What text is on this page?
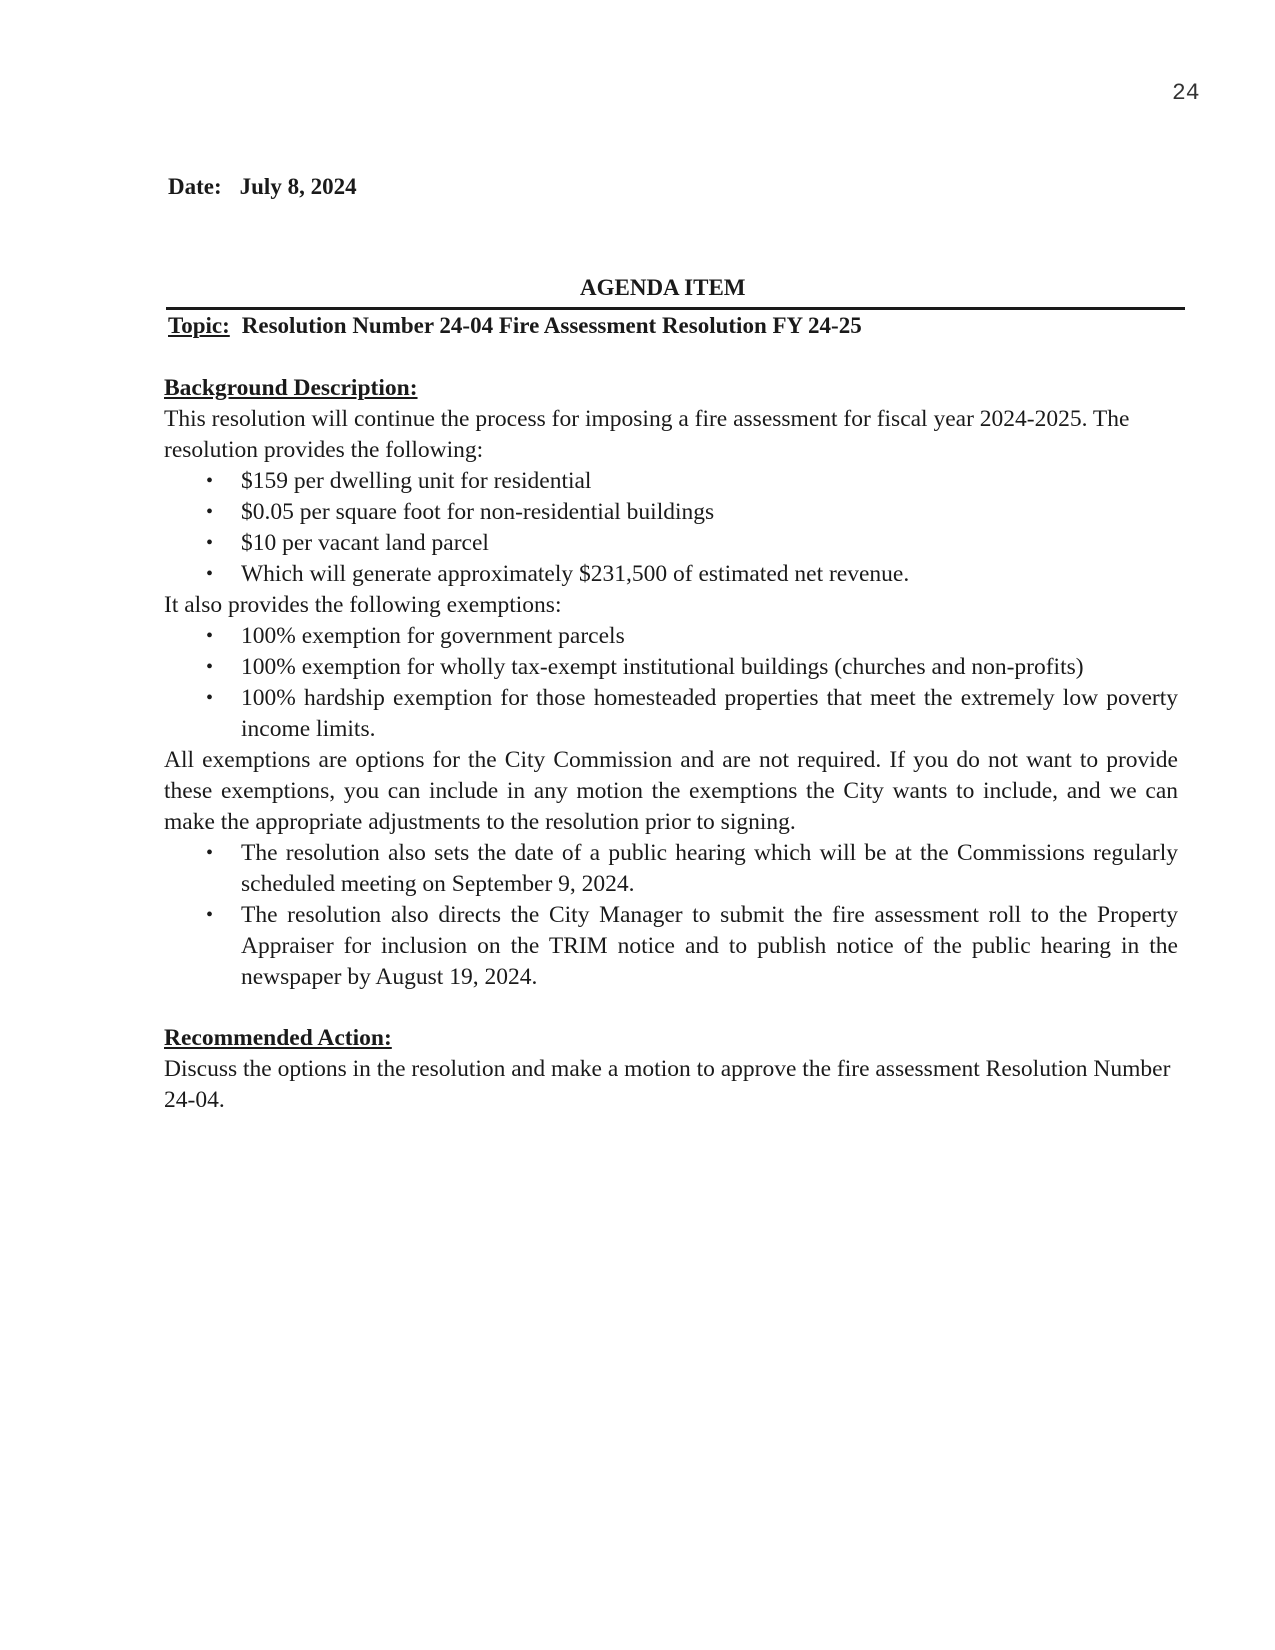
24
Date: July 8, 2024
AGENDA ITEM
Topic: Resolution Number 24-04 Fire Assessment Resolution FY 24-25
Background Description:

This resolution will continue the process for imposing a fire assessment for fiscal year 2024-2025. The resolution provides the following:

• $159 per dwelling unit for residential
• $0.05 per square foot for non-residential buildings
• $10 per vacant land parcel
• Which will generate approximately $231,500 of estimated net revenue.

It also provides the following exemptions:

• 100% exemption for government parcels
• 100% exemption for wholly tax-exempt institutional buildings (churches and non-profits)
• 100% hardship exemption for those homesteaded properties that meet the extremely low poverty income limits.

All exemptions are options for the City Commission and are not required. If you do not want to provide these exemptions, you can include in any motion the exemptions the City wants to include, and we can make the appropriate adjustments to the resolution prior to signing.

• The resolution also sets the date of a public hearing which will be at the Commissions regularly scheduled meeting on September 9, 2024.
• The resolution also directs the City Manager to submit the fire assessment roll to the Property Appraiser for inclusion on the TRIM notice and to publish notice of the public hearing in the newspaper by August 19, 2024.
Recommended Action:

Discuss the options in the resolution and make a motion to approve the fire assessment Resolution Number 24-04.
